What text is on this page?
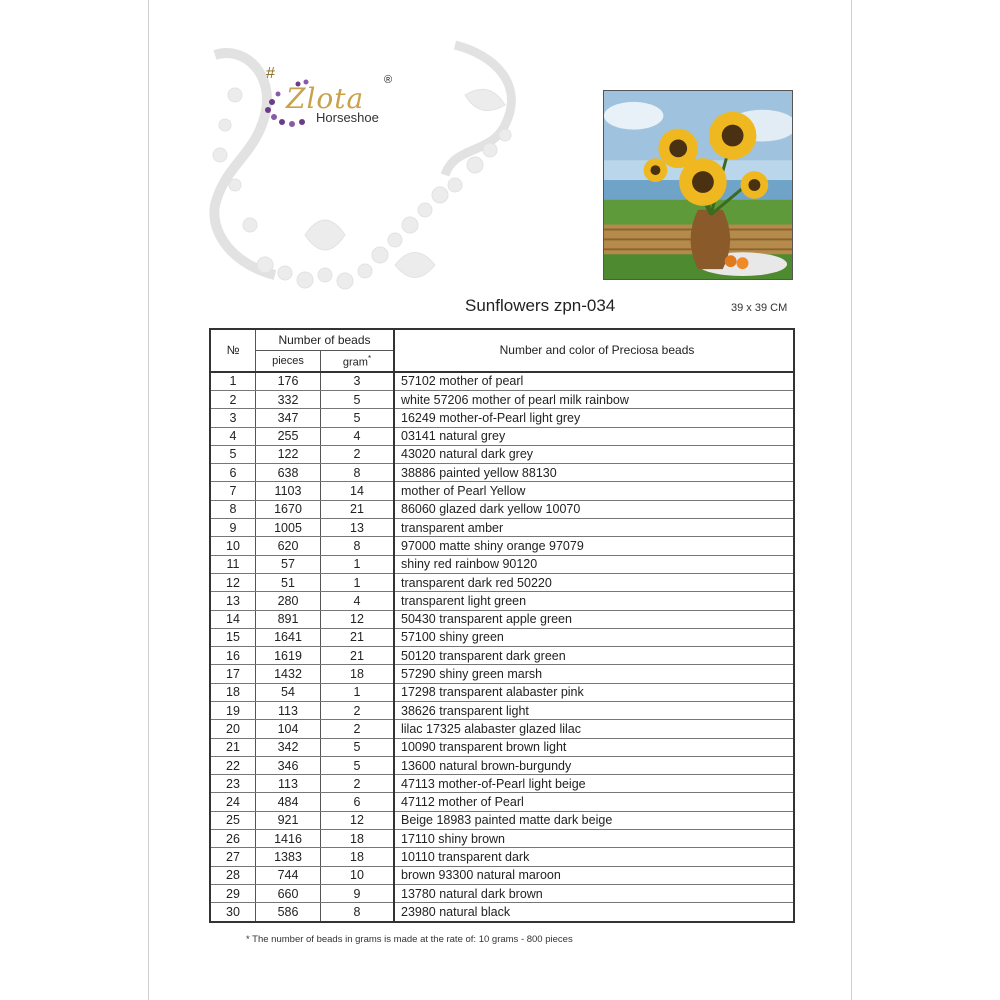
#
Zlota
®
Horseshoe
Sunflowers zpn-034	39 x 39 CM
№	Number of beads		Number and color of Preciosa beads
	pieces	gram*
1	176	3	57102 mother of pearl
2	332	5	white 57206 mother of pearl milk rainbow
3	347	5	16249 mother-of-Pearl light grey
4	255	4	03141 natural grey
5	122	2	43020 natural dark grey
6	638	8	38886 painted yellow 88130
7	1103	14	mother of Pearl Yellow
8	1670	21	86060 glazed dark yellow 10070
9	1005	13	transparent amber
10	620	8	97000 matte shiny orange 97079
11	57	1	shiny red rainbow 90120
12	51	1	transparent dark red 50220
13	280	4	transparent light green
14	891	12	50430 transparent apple green
15	1641	21	57100 shiny green
16	1619	21	50120 transparent dark green
17	1432	18	57290 shiny green marsh
18	54	1	17298 transparent alabaster pink
19	113	2	38626 transparent light
20	104	2	lilac 17325 alabaster glazed lilac
21	342	5	10090 transparent brown light
22	346	5	13600 natural brown-burgundy
23	113	2	47113 mother-of-Pearl light beige
24	484	6	47112 mother of Pearl
25	921	12	Beige 18983 painted matte dark beige
26	1416	18	17110 shiny brown
27	1383	18	10110 transparent dark
28	744	10	brown 93300 natural maroon
29	660	9	13780 natural dark brown
30	586	8	23980 natural black
* The number of beads in grams is made at the rate of: 10 grams - 800 pieces
